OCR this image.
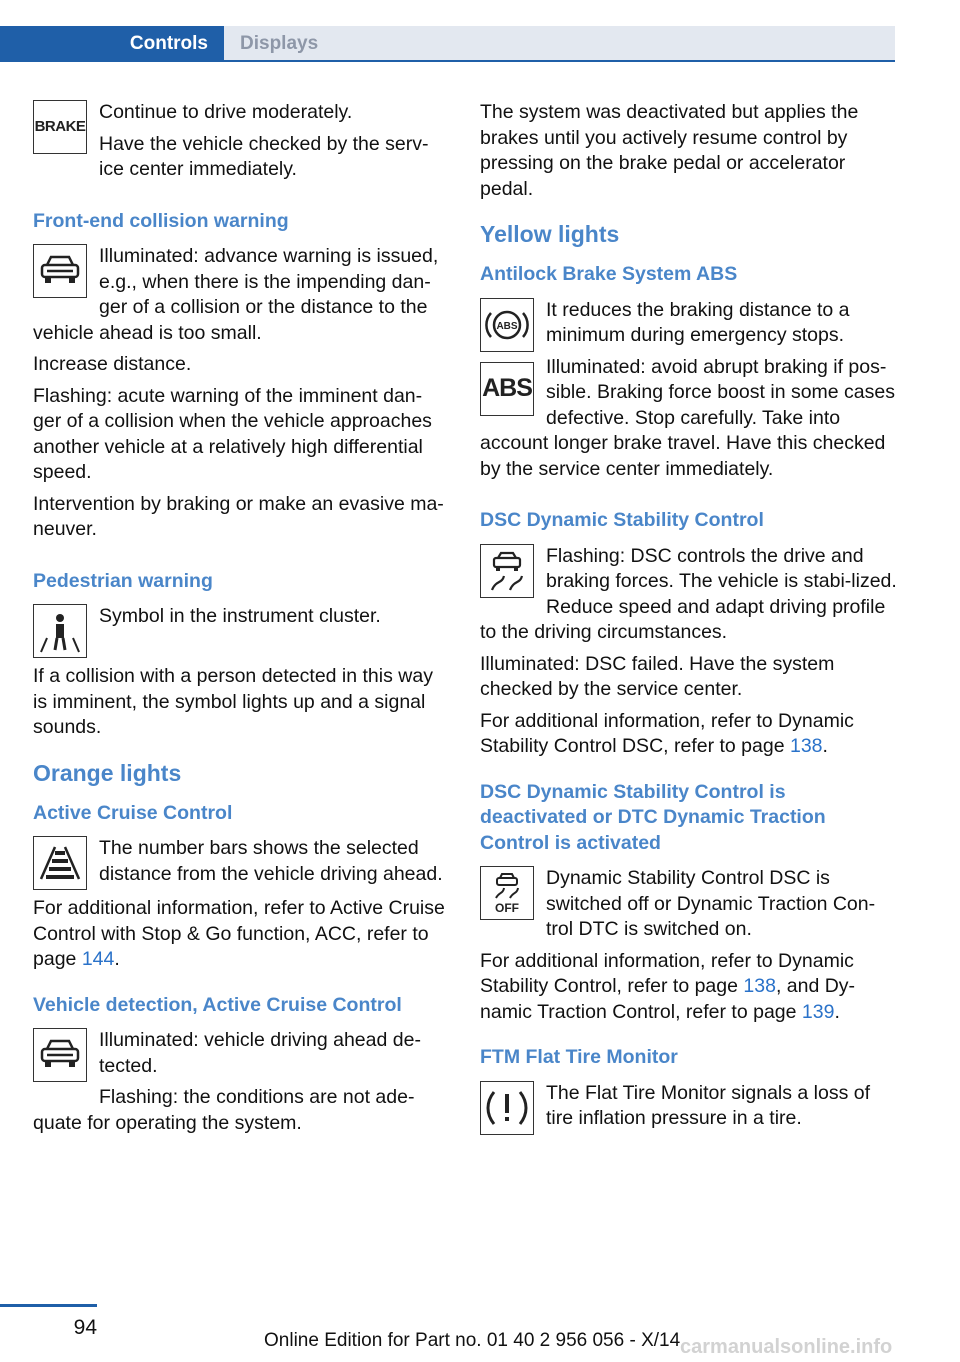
Controls	Displays
BRAKE

Continue to drive moderately.

Have the vehicle checked by the serv‐ice center immediately.

Front-end collision warning

Illuminated: advance warning is issued, e.g., when there is the impending dan‐ger of a collision or the distance to the vehicle ahead is too small.

Increase distance.

Flashing: acute warning of the imminent dan‐ger of a collision when the vehicle approaches another vehicle at a relatively high differential speed.

Intervention by braking or make an evasive ma‐neuver.

Pedestrian warning

Symbol in the instrument cluster.

If a collision with a person detected in this way is imminent, the symbol lights up and a signal sounds.

Orange lights
Active Cruise Control

The number bars shows the selected distance from the vehicle driving ahead.

For additional information, refer to Active Cruise Control with Stop & Go function, ACC, refer to page 144.

Vehicle detection, Active Cruise Control

Illuminated: vehicle driving ahead de‐tected.

Flashing: the conditions are not ade‐quate for operating the system.

The system was deactivated but applies the brakes until you actively resume control by pressing on the brake pedal or accelerator pedal.

Yellow lights
Antilock Brake System ABS
ABS
ABS

It reduces the braking distance to a minimum during emergency stops.

Illuminated: avoid abrupt braking if pos‐sible. Braking force boost in some cases defective. Stop carefully. Take into account longer brake travel. Have this checked by the service center immediately.

DSC Dynamic Stability Control

Flashing: DSC controls the drive and braking forces. The vehicle is stabi‐lized. Reduce speed and adapt driving profile to the driving circumstances.

Illuminated: DSC failed. Have the system checked by the service center.

For additional information, refer to Dynamic Stability Control DSC, refer to page 138.

DSC Dynamic Stability Control is deactivated or DTC Dynamic Traction Control is activated
OFF

Dynamic Stability Control DSC is switched off or Dynamic Traction Con‐trol DTC is switched on.

For additional information, refer to Dynamic Stability Control, refer to page 138, and Dy‐namic Traction Control, refer to page 139.

FTM Flat Tire Monitor

The Flat Tire Monitor signals a loss of tire inflation pressure in a tire.

94
Online Edition for Part no. 01 40 2 956 056 - X/14 carmanualsonline.info
